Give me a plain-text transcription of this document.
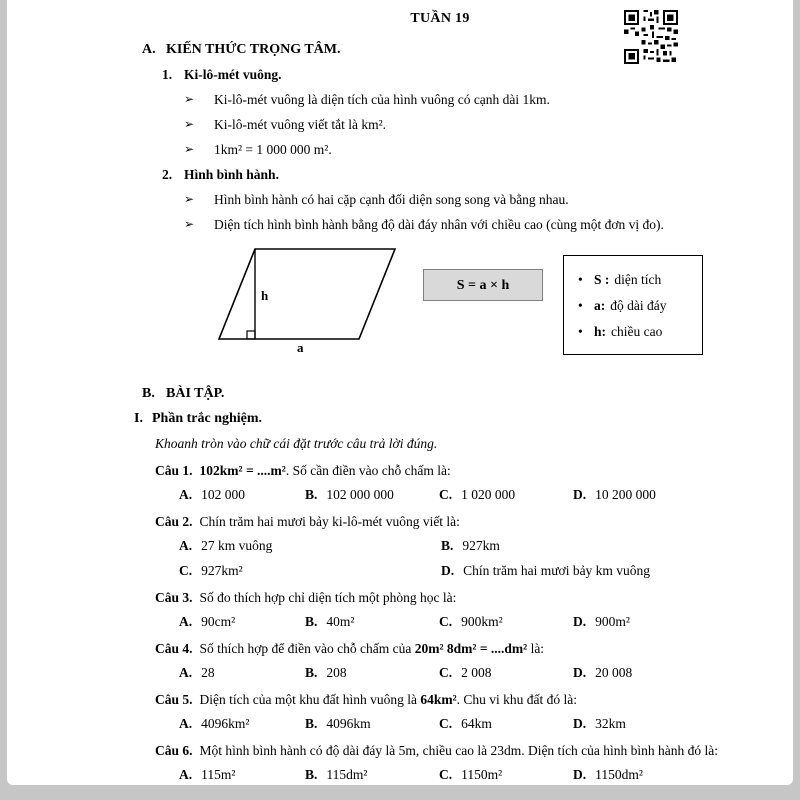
TUẦN 19
A. KIẾN THỨC TRỌNG TÂM.
1. Ki-lô-mét vuông.
➢	Ki-lô-mét vuông là diện tích của hình vuông có cạnh dài 1km.
➢	Ki-lô-mét vuông viết tắt là km².
➢	1km² = 1 000 000 m².
2. Hình bình hành.
➢	Hình bình hành có hai cặp cạnh đối diện song song và bằng nhau.
➢	Diện tích hình bình hành bằng độ dài đáy nhân với chiều cao (cùng một đơn vị đo).
h
a
S = a × h	• S : diện tích
• a: độ dài đáy
• h: chiều cao
B. BÀI TẬP.
I. Phần trắc nghiệm.
Khoanh tròn vào chữ cái đặt trước câu trả lời đúng.
Câu 1. 102km² = ....m². Số cần điền vào chỗ chấm là:
A. 102 000	B. 102 000 000	C. 1 020 000	D. 10 200 000
Câu 2. Chín trăm hai mươi bảy ki-lô-mét vuông viết là:
A. 27 km vuông	B. 927km
C. 927km²	D. Chín trăm hai mươi bảy km vuông
Câu 3. Số đo thích hợp chỉ diện tích một phòng học là:
A. 90cm²	B. 40m²	C. 900km²	D. 900m²
Câu 4. Số thích hợp để điền vào chỗ chấm của 20m² 8dm² = ....dm² là:
A. 28	B. 208	C. 2 008	D. 20 008
Câu 5. Diện tích của một khu đất hình vuông là 64km². Chu vi khu đất đó là:
A. 4096km²	B. 4096km	C. 64km	D. 32km
Câu 6. Một hình bình hành có độ dài đáy là 5m, chiều cao là 23dm. Diện tích của hình bình hành đó là:
A. 115m²	B. 115dm²	C. 1150m²	D. 1150dm²
